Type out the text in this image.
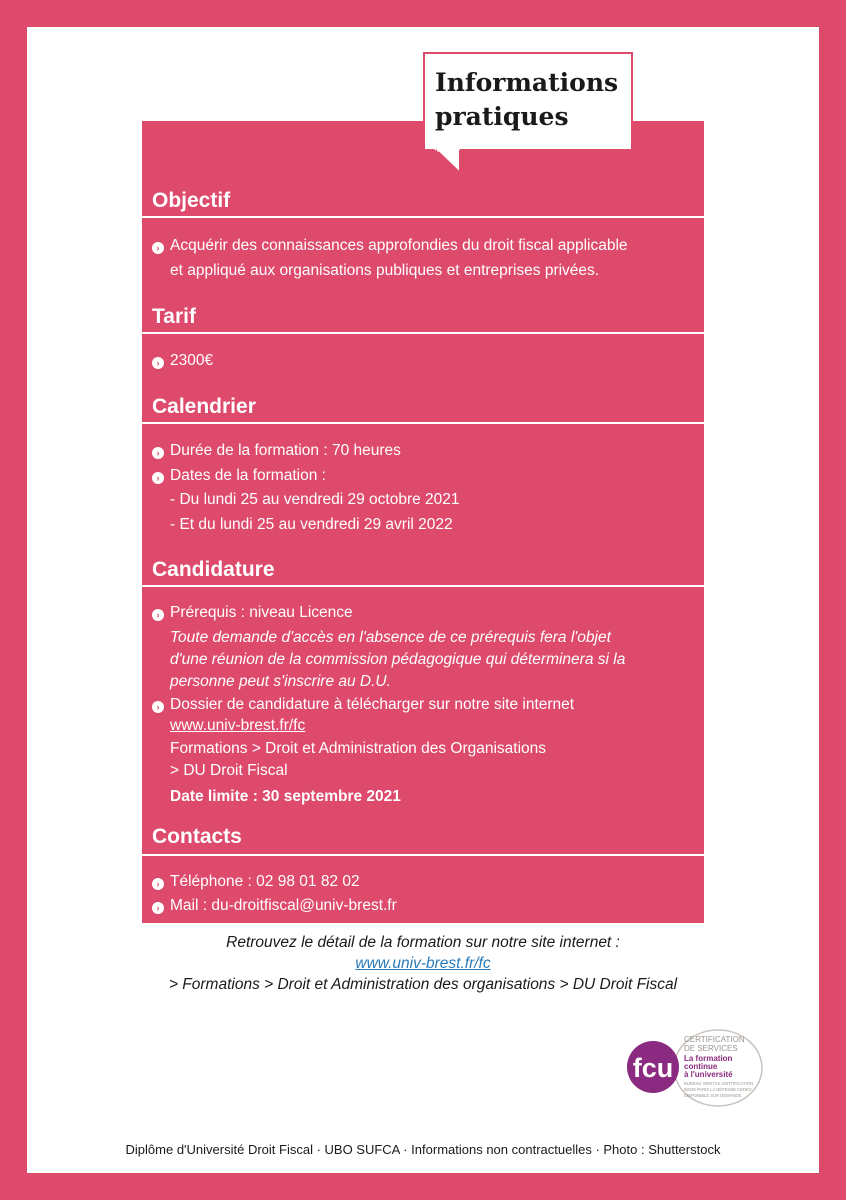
Objectif
› Acquérir des connaissances approfondies du droit fiscal applicable
et appliqué aux organisations publiques et entreprises privées.
Tarif
› 2300€
Calendrier
› Durée de la formation : 70 heures
› Dates de la formation :
- Du lundi 25 au vendredi 29 octobre 2021
- Et du lundi 25 au vendredi 29 avril 2022
Candidature
› Prérequis : niveau Licence
Toute demande d'accès en l'absence de ce prérequis fera l'objet
d'une réunion de la commission pédagogique qui déterminera si la
personne peut s'inscrire au D.U.
› Dossier de candidature à télécharger sur notre site internet
www.univ-brest.fr/fc
Formations > Droit et Administration des Organisations
> DU Droit Fiscal
Date limite : 30 septembre 2021
Contacts
› Téléphone : 02 98 01 82 02
› Mail : du-droitfiscal@univ-brest.fr
Informations
pratiques
Retrouvez le détail de la formation sur notre site internet :
www.univ-brest.fr/fc
> Formations > Droit et Administration des organisations > DU Droit Fiscal
fcu
CERTIFICATION
DE SERVICES
La formation
continue
à l'université
BUREAU VERITAS CERTIFICATION
92046 PARIS LA DÉFENSE CEDEX
DISPONIBLE SUR DEMANDE
Diplôme d'Université Droit Fiscal · UBO SUFCA · Informations non contractuelles · Photo : Shutterstock
